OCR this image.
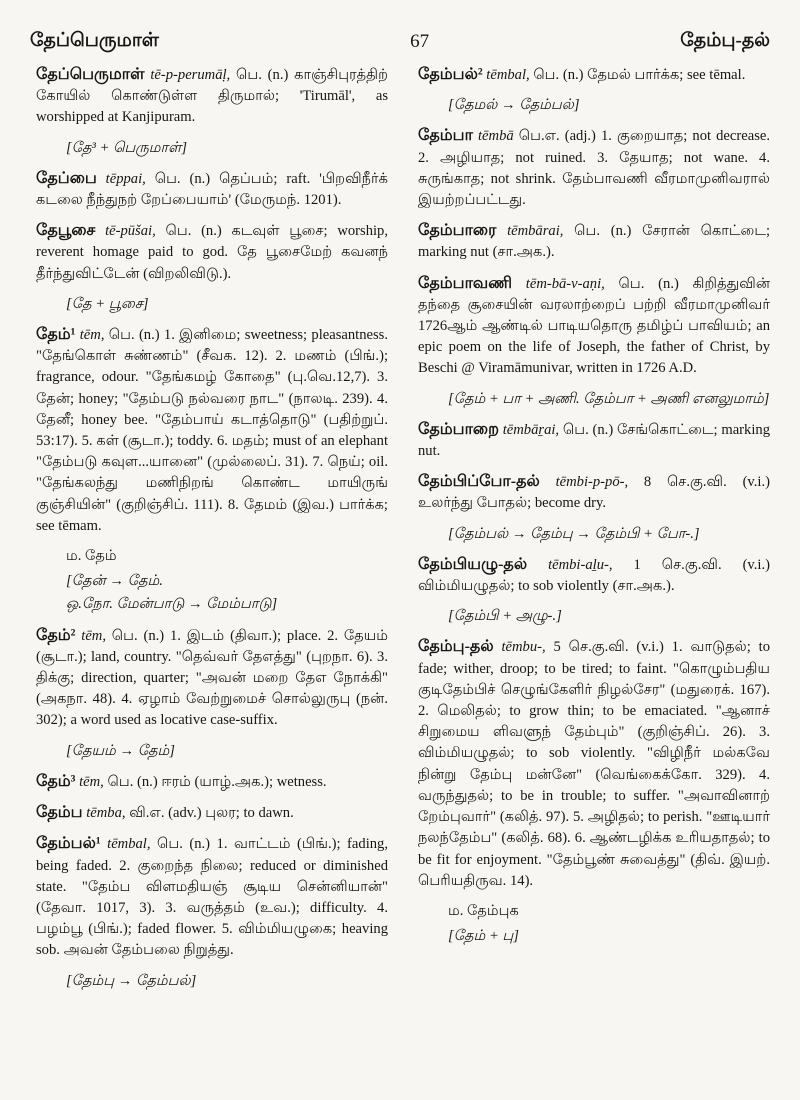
தேப்பெருமாள்	67	தேம்பு-தல்

தேப்பெருமாள் tē-p-perumāḷ, பெ. (n.) காஞ்சிபுரத்திற் கோயில் கொண்டுள்ள திருமால்; 'Tirumāl', as worshipped at Kanjipuram.

[தே³ + பெருமாள்]

தேப்பை tēppai, பெ. (n.) தெப்பம்; raft. 'பிறவிநீர்க் கடலை நீந்துநற் றேப்பையாம்' (மேருமந். 1201).

தேபூசை tē-pūšai, பெ. (n.) கடவுள் பூசை; worship, reverent homage paid to god. தே பூசைமேற் கவனந் தீர்ந்துவிட்டேன் (விறலிவிடு.).

[தே + பூசை]

தேம்¹ tēm, பெ. (n.) 1. இனிமை; sweetness; pleasantness. "தேங்கொள் சுண்ணம்" (சீவக. 12). 2. மணம் (பிங்.); fragrance, odour. "தேங்கமழ் கோதை" (பு.வெ.12,7). 3. தேன்; honey; "தேம்படு நல்வரை நாட" (நாலடி. 239). 4. தேனீ; honey bee. "தேம்பாய் கடாத்தொடு" (பதிற்றுப். 53:17). 5. கள் (சூடா.); toddy. 6. மதம்; must of an elephant "தேம்படு கவுள...யானை" (முல்லைப். 31). 7. நெய்; oil. "தேங்கலந்து மணிநிறங் கொண்ட மாயிருங் குஞ்சியின்" (குறிஞ்சிப். 111). 8. தேமம் (இவ.) பார்க்க; see tēmam.

ம. தேம்

[தேன் → தேம்.

ஒ.நோ. மேன்பாடு → மேம்பாடு]

தேம்² tēm, பெ. (n.) 1. இடம் (திவா.); place. 2. தேயம் (சூடா.); land, country. "தெவ்வர் தேஎத்து" (புறநா. 6). 3. திக்கு; direction, quarter; "அவன் மறை தேஎ நோக்கி" (அகநா. 48). 4. ஏழாம் வேற்றுமைச் சொல்லுருபு (நன். 302); a word used as locative case-suffix.

[தேயம் → தேம்]

தேம்³ tēm, பெ. (n.) ஈரம் (யாழ்.அக.); wetness.

தேம்ப tēmba, வி.எ. (adv.) புலர; to dawn.

தேம்பல்¹ tēmbal, பெ. (n.) 1. வாட்டம் (பிங்.); fading, being faded. 2. குறைந்த நிலை; reduced or diminished state. "தேம்ப விளமதியஞ் சூடிய சென்னியான்" (தேவா. 1017, 3). 3. வருத்தம் (உவ.); difficulty. 4. பழம்பூ (பிங்.); faded flower. 5. விம்மியழுகை; heaving sob. அவன் தேம்பலை நிறுத்து.

[தேம்பு → தேம்பல்]

தேம்பல்² tēmbal, பெ. (n.) தேமல் பார்க்க; see tēmal.

[தேமல் → தேம்பல்]

தேம்பா tēmbā பெ.எ. (adj.) 1. குறையாத; not decrease. 2. அழியாத; not ruined. 3. தேயாத; not wane. 4. சுருங்காத; not shrink. தேம்பாவணி வீரமாமுனிவரால் இயற்றப்பட்டது.

தேம்பாரை tēmbārai, பெ. (n.) சேரான் கொட்டை; marking nut (சா.அக.).

தேம்பாவணி tēm-bā-v-aṇi, பெ. (n.) கிறித்துவின் தந்தை சூசையின் வரலாற்றைப் பற்றி வீரமாமுனிவர் 1726ஆம் ஆண்டில் பாடியதொரு தமிழ்ப் பாவியம்; an epic poem on the life of Joseph, the father of Christ, by Beschi @ Viramāmunivar, written in 1726 A.D.

[தேம் + பா + அணி. தேம்பா + அணி எனலுமாம்]

தேம்பாறை tēmbāṟai, பெ. (n.) சேங்கொட்டை; marking nut.

தேம்பிப்போ-தல் tēmbi-p-pō-, 8 செ.கு.வி. (v.i.) உலர்ந்து போதல்; become dry.

[தேம்பல் → தேம்பு → தேம்பி + போ-.]

தேம்பியழு-தல் tēmbi-aḻu-, 1 செ.கு.வி. (v.i.) விம்மியழுதல்; to sob violently (சா.அக.).

[தேம்பி + அழு-.]

தேம்பு-தல் tēmbu-, 5 செ.கு.வி. (v.i.) 1. வாடுதல்; to fade; wither, droop; to be tired; to faint. "கொழும்பதிய குடிதேம்பிச் செழுங்கேளிர் நிழல்சேர" (மதுரைக். 167). 2. மெலிதல்; to grow thin; to be emaciated. "ஆனாச் சிறுமைய ளிவளுந் தேம்பும்" (குறிஞ்சிப். 26). 3. விம்மியழுதல்; to sob violently. "விழிநீர் மல்கவே நின்று தேம்பு மன்னே" (வெங்கைக்கோ. 329). 4. வருந்துதல்; to be in trouble; to suffer. "அவாவினாற் றேம்புவார்" (கலித். 97). 5. அழிதல்; to perish. "ஊடியார் நலந்தேம்ப" (கலித். 68). 6. ஆண்டழிக்க உரியதாதல்; to be fit for enjoyment. "தேம்பூண் சுவைத்து" (திவ். இயற். பெரியதிருவ. 14).

ம. தேம்புக

[தேம் + பு]
